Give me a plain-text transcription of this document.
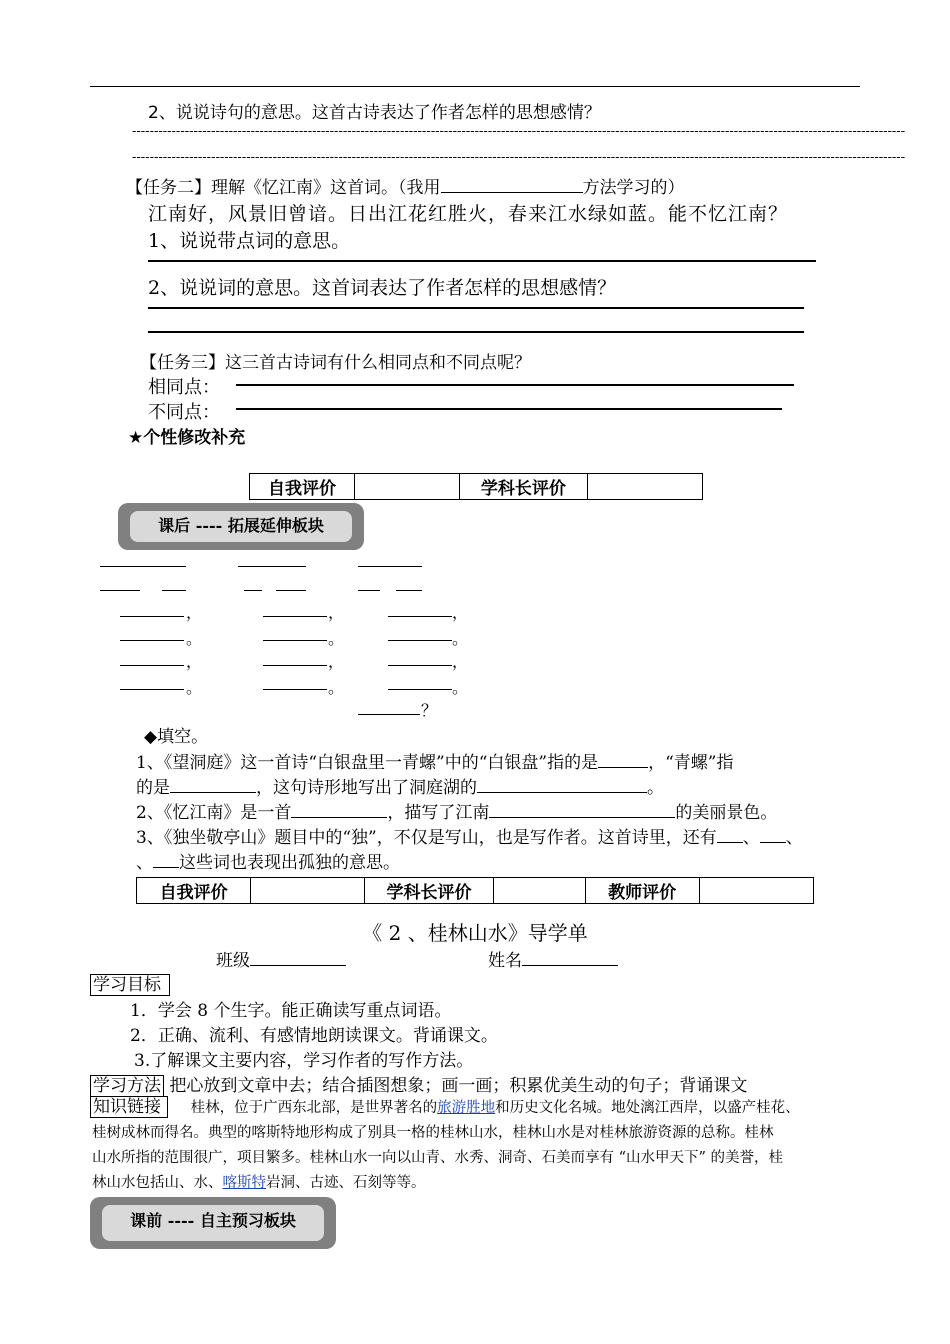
2、说说诗句的意思。这首古诗表达了作者怎样的思想感情？
--------------------------------------------------------------------------------------------------------------------------------------------------------------------------------
--------------------------------------------------------------------------------------------------------------------------------------------------------------------------------
【任务二】理解《忆江南》这首词。（我用	方法学习的）
江南好，风景旧曾谙。日出江花红胜火，春来江水绿如蓝。能不忆江南？
1、说说带点词的意思。
2、说说词的意思。这首词表达了作者怎样的思想感情？
【任务三】这三首古诗词有什么相同点和不同点呢？
相同点：
不同点：
★个性修改补充
自我评价		学科长评价	
课后 ---- 拓展延伸板块
，	，	，
。	。	。
，	，	，
。	。	。
？
◆填空。
1、《望洞庭》这一首诗“白银盘里一青螺”中的“白银盘”指的是	，“青螺”指
的是	，这句诗形地写出了洞庭湖的	。
2、《忆江南》是一首	，描写了江南	的美丽景色。
3、《独坐敬亭山》题目中的“独”，不仅是写山，也是写作者。这首诗里，还有 、 、
、 这些词也表现出孤独的意思。
自我评价		学科长评价		教师评价	
《 2 、桂林山水》导学单
班级	姓名
学习目标
1．学会 8 个生字。能正确读写重点词语。
2．正确、流利、有感情地朗读课文。背诵课文。
3.了解课文主要内容，学习作者的写作方法。
学习方法 把心放到文章中去；结合插图想象；画一画；积累优美生动的句子；背诵课文
知识链接 桂林，位于广西东北部，是世界著名的旅游胜地和历史文化名城。地处漓江西岸，以盛产桂花、
桂树成林而得名。典型的喀斯特地形构成了别具一格的桂林山水，桂林山水是对桂林旅游资源的总称。桂林
山水所指的范围很广，项目繁多。桂林山水一向以山青、水秀、洞奇、石美而享有 “山水甲天下” 的美誉，桂
林山水包括山、水、喀斯特岩洞、古迹、石刻等等。
课前 ---- 自主预习板块
